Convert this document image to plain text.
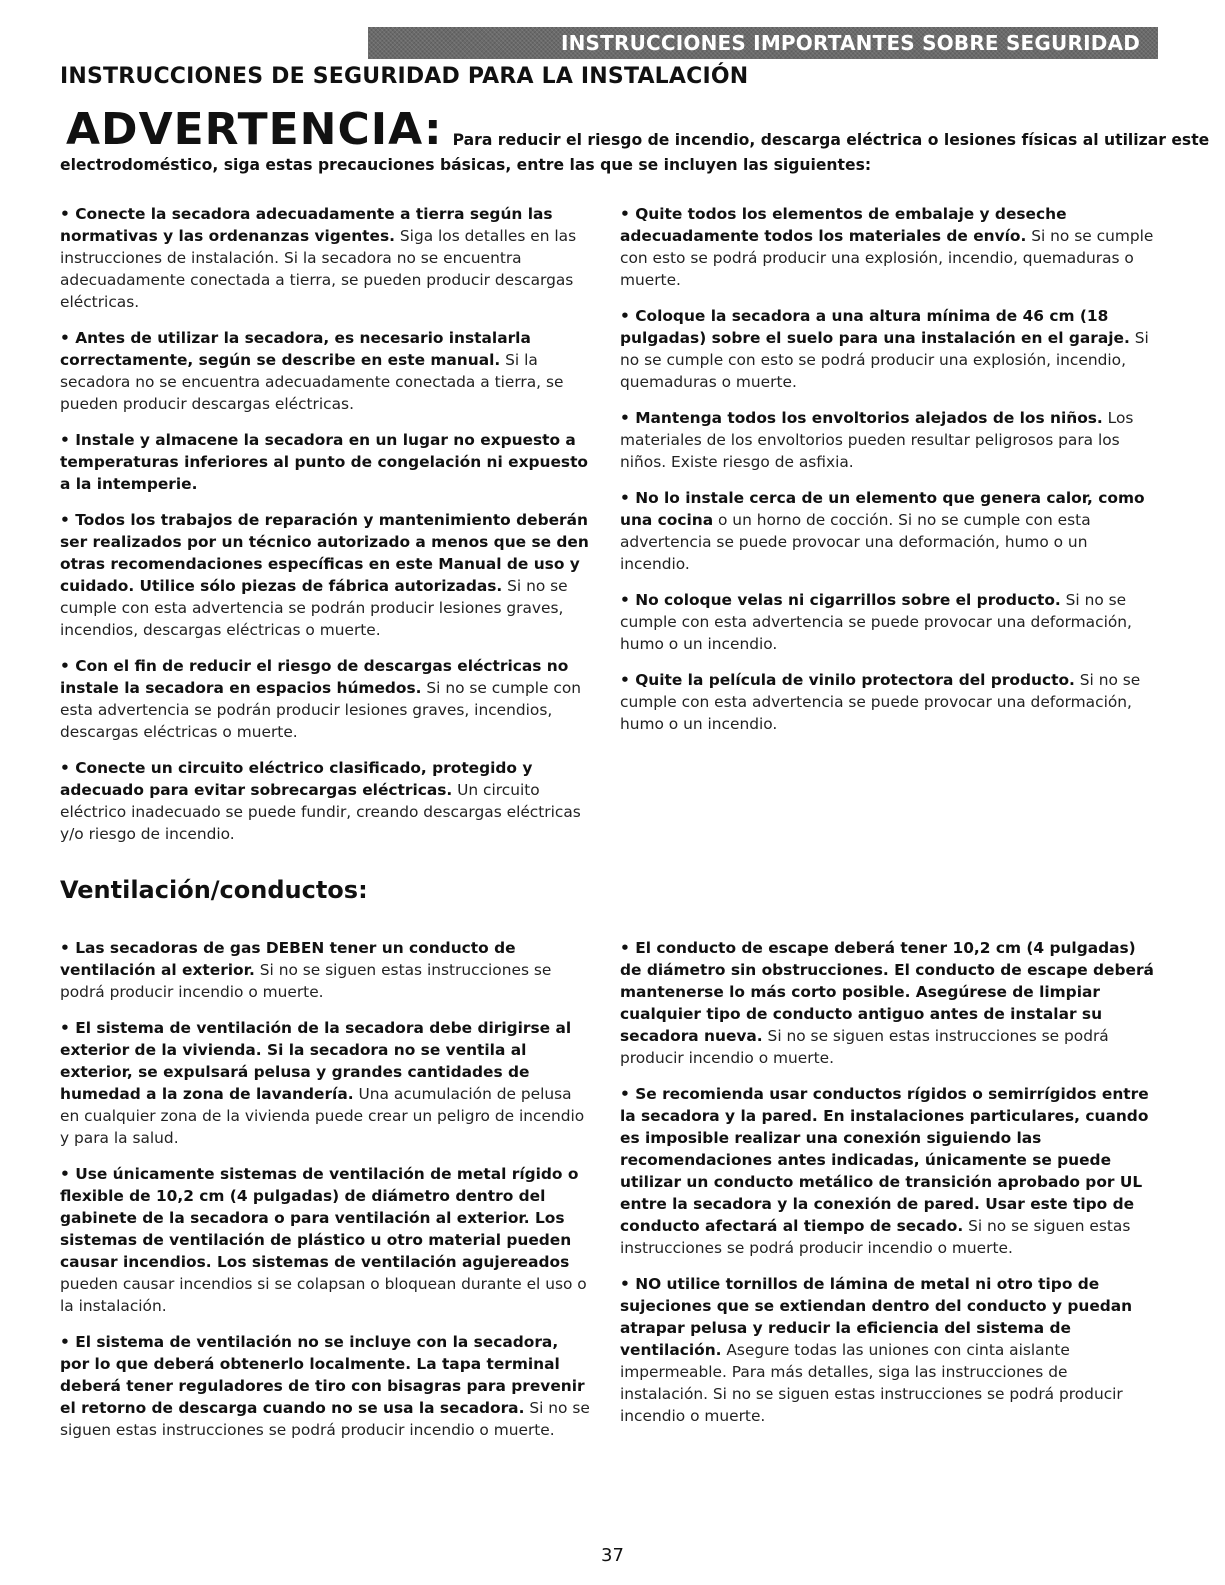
INSTRUCCIONES IMPORTANTES SOBRE SEGURIDAD
INSTRUCCIONES DE SEGURIDAD PARA LA INSTALACIÓN
ADVERTENCIA: Para reducir el riesgo de incendio, descarga eléctrica o lesiones físicas al utilizar este
electrodoméstico, siga estas precauciones básicas, entre las que se incluyen las siguientes:
• Conecte la secadora adecuadamente a tierra según las normativas y las ordenanzas vigentes. Siga los detalles en las instrucciones de instalación. Si la secadora no se encuentra adecuadamente conectada a tierra, se pueden producir descargas eléctricas.
• Antes de utilizar la secadora, es necesario instalarla correctamente, según se describe en este manual. Si la secadora no se encuentra adecuadamente conectada a tierra, se pueden producir descargas eléctricas.
• Instale y almacene la secadora en un lugar no expuesto a temperaturas inferiores al punto de congelación ni expuesto a la intemperie.
• Todos los trabajos de reparación y mantenimiento deberán ser realizados por un técnico autorizado a menos que se den otras recomendaciones específicas en este Manual de uso y cuidado. Utilice sólo piezas de fábrica autorizadas. Si no se cumple con esta advertencia se podrán producir lesiones graves, incendios, descargas eléctricas o muerte.
• Con el fin de reducir el riesgo de descargas eléctricas no instale la secadora en espacios húmedos. Si no se cumple con esta advertencia se podrán producir lesiones graves, incendios, descargas eléctricas o muerte.
• Conecte un circuito eléctrico clasificado, protegido y adecuado para evitar sobrecargas eléctricas. Un circuito eléctrico inadecuado se puede fundir, creando descargas eléctricas y/o riesgo de incendio.
• Quite todos los elementos de embalaje y deseche adecuadamente todos los materiales de envío. Si no se cumple con esto se podrá producir una explosión, incendio, quemaduras o muerte.
• Coloque la secadora a una altura mínima de 46 cm (18 pulgadas) sobre el suelo para una instalación en el garaje. Si no se cumple con esto se podrá producir una explosión, incendio, quemaduras o muerte.
• Mantenga todos los envoltorios alejados de los niños. Los materiales de los envoltorios pueden resultar peligrosos para los niños. Existe riesgo de asfixia.
• No lo instale cerca de un elemento que genera calor, como una cocina o un horno de cocción. Si no se cumple con esta advertencia se puede provocar una deformación, humo o un incendio.
• No coloque velas ni cigarrillos sobre el producto. Si no se cumple con esta advertencia se puede provocar una deformación, humo o un incendio.
• Quite la película de vinilo protectora del producto. Si no se cumple con esta advertencia se puede provocar una deformación, humo o un incendio.
Ventilación/conductos:
• Las secadoras de gas DEBEN tener un conducto de ventilación al exterior. Si no se siguen estas instrucciones se podrá producir incendio o muerte.
• El sistema de ventilación de la secadora debe dirigirse al exterior de la vivienda. Si la secadora no se ventila al exterior, se expulsará pelusa y grandes cantidades de humedad a la zona de lavandería. Una acumulación de pelusa en cualquier zona de la vivienda puede crear un peligro de incendio y para la salud.
• Use únicamente sistemas de ventilación de metal rígido o flexible de 10,2 cm (4 pulgadas) de diámetro dentro del gabinete de la secadora o para ventilación al exterior. Los sistemas de ventilación de plástico u otro material pueden causar incendios. Los sistemas de ventilación agujereados pueden causar incendios si se colapsan o bloquean durante el uso o la instalación.
• El sistema de ventilación no se incluye con la secadora, por lo que deberá obtenerlo localmente. La tapa terminal deberá tener reguladores de tiro con bisagras para prevenir el retorno de descarga cuando no se usa la secadora. Si no se siguen estas instrucciones se podrá producir incendio o muerte.
• El conducto de escape deberá tener 10,2 cm (4 pulgadas) de diámetro sin obstrucciones. El conducto de escape deberá mantenerse lo más corto posible. Asegúrese de limpiar cualquier tipo de conducto antiguo antes de instalar su secadora nueva. Si no se siguen estas instrucciones se podrá producir incendio o muerte.
• Se recomienda usar conductos rígidos o semirrígidos entre la secadora y la pared. En instalaciones particulares, cuando es imposible realizar una conexión siguiendo las recomendaciones antes indicadas, únicamente se puede utilizar un conducto metálico de transición aprobado por UL entre la secadora y la conexión de pared. Usar este tipo de conducto afectará al tiempo de secado. Si no se siguen estas instrucciones se podrá producir incendio o muerte.
• NO utilice tornillos de lámina de metal ni otro tipo de sujeciones que se extiendan dentro del conducto y puedan atrapar pelusa y reducir la eficiencia del sistema de ventilación. Asegure todas las uniones con cinta aislante impermeable. Para más detalles, siga las instrucciones de instalación. Si no se siguen estas instrucciones se podrá producir incendio o muerte.
37
